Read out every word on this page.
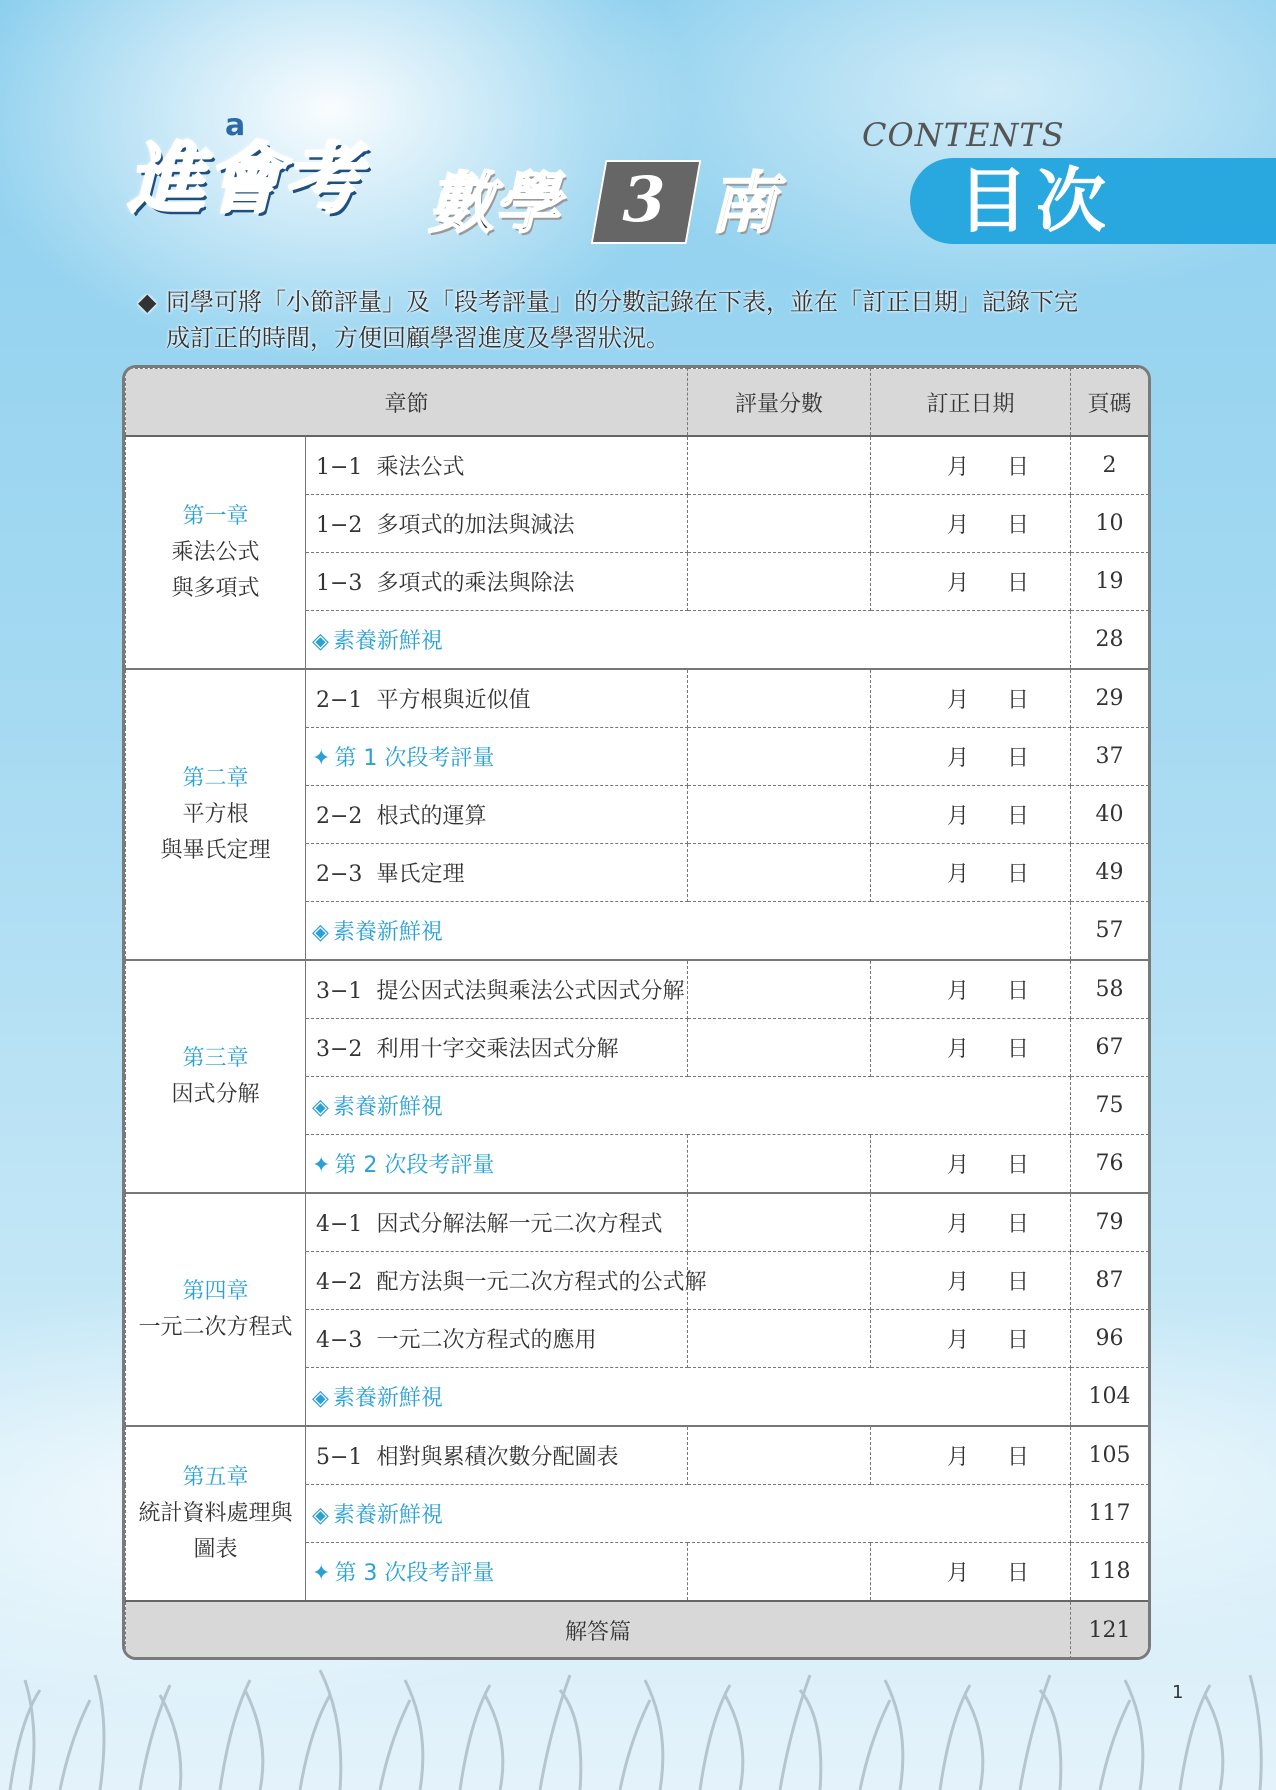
進會考
a
數學	3 南
CONTENTS
目次
◆ 同學可將「小節評量」及「段考評量」的分數記錄在下表，並在「訂正日期」記錄下完
成訂正的時間，方便回顧學習進度及學習狀況。
章節		評量分數	訂正日期	頁碼

第一章
乘法公式
與多項式	1−1 乘法公式		月 日	2
	1−2 多項式的加法與減法		月 日	10
	1−3 多項式的乘法與除法		月 日	19
	◈ 素養新鮮視			28

第二章
平方根
與畢氏定理	2−1 平方根與近似值		月 日	29
	✦ 第 1 次段考評量		月 日	37
	2−2 根式的運算		月 日	40
	2−3 畢氏定理		月 日	49
	◈ 素養新鮮視			57

第三章
因式分解	3−1 提公因式法與乘法公式因式分解		月 日	58
	3−2 利用十字交乘法因式分解		月 日	67
	◈ 素養新鮮視			75
	✦ 第 2 次段考評量		月 日	76

第四章
一元二次方程式	4−1 因式分解法解一元二次方程式		月 日	79
	4−2 配方法與一元二次方程式的公式解		月 日	87
	4−3 一元二次方程式的應用		月 日	96
	◈ 素養新鮮視			104

第五章
統計資料處理與
圖表	5−1 相對與累積次數分配圖表		月 日	105
	◈ 素養新鮮視			117
	✦ 第 3 次段考評量		月 日	118
解答篇				121
1
